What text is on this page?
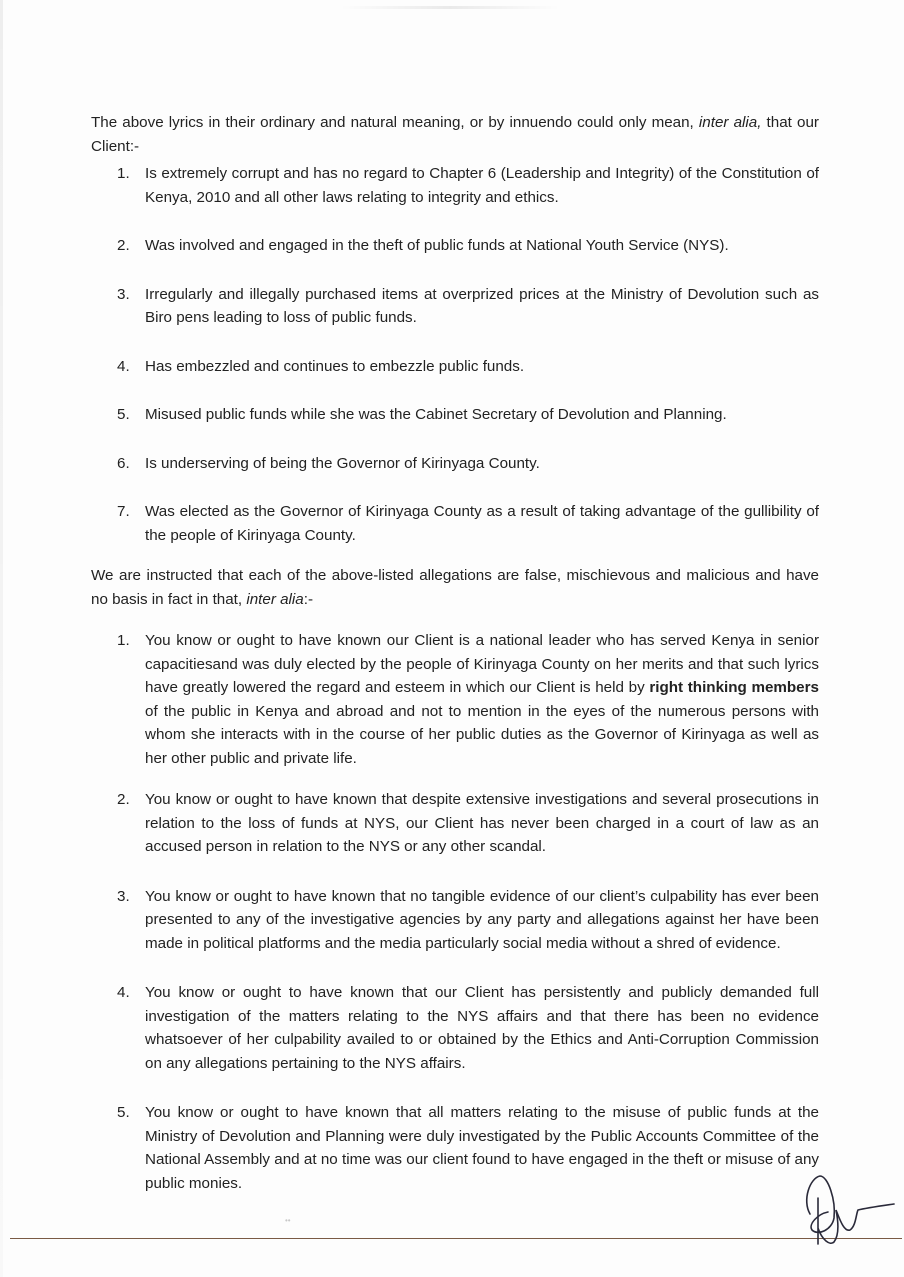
The above lyrics in their ordinary and natural meaning, or by innuendo could only mean, inter alia, that our Client:-

1. Is extremely corrupt and has no regard to Chapter 6 (Leadership and Integrity) of the Constitution of Kenya, 2010 and all other laws relating to integrity and ethics.
2. Was involved and engaged in the theft of public funds at National Youth Service (NYS).
3. Irregularly and illegally purchased items at overprized prices at the Ministry of Devolution such as Biro pens leading to loss of public funds.
4. Has embezzled and continues to embezzle public funds.
5. Misused public funds while she was the Cabinet Secretary of Devolution and Planning.
6. Is underserving of being the Governor of Kirinyaga County.
7. Was elected as the Governor of Kirinyaga County as a result of taking advantage of the gullibility of the people of Kirinyaga County.

We are instructed that each of the above-listed allegations are false, mischievous and malicious and have no basis in fact in that, inter alia:-

1. You know or ought to have known our Client is a national leader who has served Kenya in senior capacitiesand was duly elected by the people of Kirinyaga County on her merits and that such lyrics have greatly lowered the regard and esteem in which our Client is held by right thinking members of the public in Kenya and abroad and not to mention in the eyes of the numerous persons with whom she interacts with in the course of her public duties as the Governor of Kirinyaga as well as her other public and private life.
2. You know or ought to have known that despite extensive investigations and several prosecutions in relation to the loss of funds at NYS, our Client has never been charged in a court of law as an accused person in relation to the NYS or any other scandal.
3. You know or ought to have known that no tangible evidence of our client’s culpability has ever been presented to any of the investigative agencies by any party and allegations against her have been made in political platforms and the media particularly social media without a shred of evidence.
4. You know or ought to have known that our Client has persistently and publicly demanded full investigation of the matters relating to the NYS affairs and that there has been no evidence whatsoever of her culpability availed to or obtained by the Ethics and Anti-Corruption Commission on any allegations pertaining to the NYS affairs.
5. You know or ought to have known that all matters relating to the misuse of public funds at the Ministry of Devolution and Planning were duly investigated by the Public Accounts Committee of the National Assembly and at no time was our client found to have engaged in the theft or misuse of any public monies.
••
